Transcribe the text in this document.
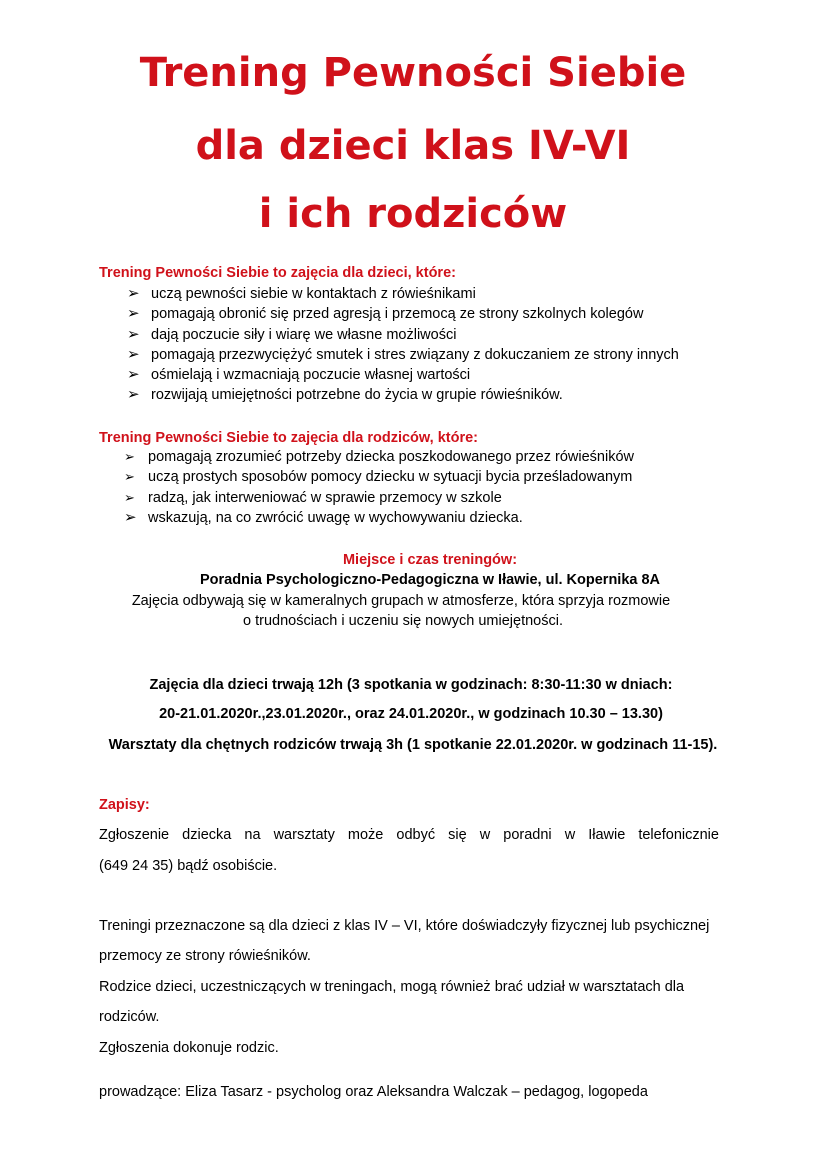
Trening Pewności Siebie
dla dzieci klas IV-VI
i ich rodziców
Trening Pewności Siebie to zajęcia dla dzieci, które:
➢ uczą pewności siebie w kontaktach z rówieśnikami
➢ pomagają obronić się przed agresją i przemocą ze strony szkolnych kolegów
➢ dają poczucie siły i wiarę we własne możliwości
➢ pomagają przezwyciężyć smutek i stres związany z dokuczaniem ze strony innych
➢ ośmielają i wzmacniają poczucie własnej wartości
➢ rozwijają umiejętności potrzebne do życia w grupie rówieśników.
Trening Pewności Siebie to zajęcia dla rodziców, które:
➢ pomagają zrozumieć potrzeby dziecka poszkodowanego przez rówieśników
➢ uczą prostych sposobów pomocy dziecku w sytuacji bycia prześladowanym
➢ radzą, jak interweniować w sprawie przemocy w szkole
➢ wskazują, na co zwrócić uwagę w wychowywaniu dziecka.
Miejsce i czas treningów:
Poradnia Psychologiczno-Pedagogiczna w Iławie, ul. Kopernika 8A
Zajęcia odbywają się w kameralnych grupach w atmosferze, która sprzyja rozmowie
o trudnościach i uczeniu się nowych umiejętności.
Zajęcia dla dzieci trwają 12h (3 spotkania w godzinach: 8:30-11:30 w dniach:
20-21.01.2020r.,23.01.2020r., oraz 24.01.2020r., w godzinach 10.30 – 13.30)
Warsztaty dla chętnych rodziców trwają 3h (1 spotkanie 22.01.2020r. w godzinach 11-15).
Zapisy:
Zgłoszenie dziecka na warsztaty może odbyć się w poradni w Iławie telefonicznie
(649 24 35) bądź osobiście.
Treningi przeznaczone są dla dzieci z klas IV – VI, które doświadczyły fizycznej lub psychicznej
przemocy ze strony rówieśników.
Rodzice dzieci, uczestniczących w treningach, mogą również brać udział w warsztatach dla
rodziców.
Zgłoszenia dokonuje rodzic.
prowadzące: Eliza Tasarz - psycholog oraz Aleksandra Walczak – pedagog, logopeda
